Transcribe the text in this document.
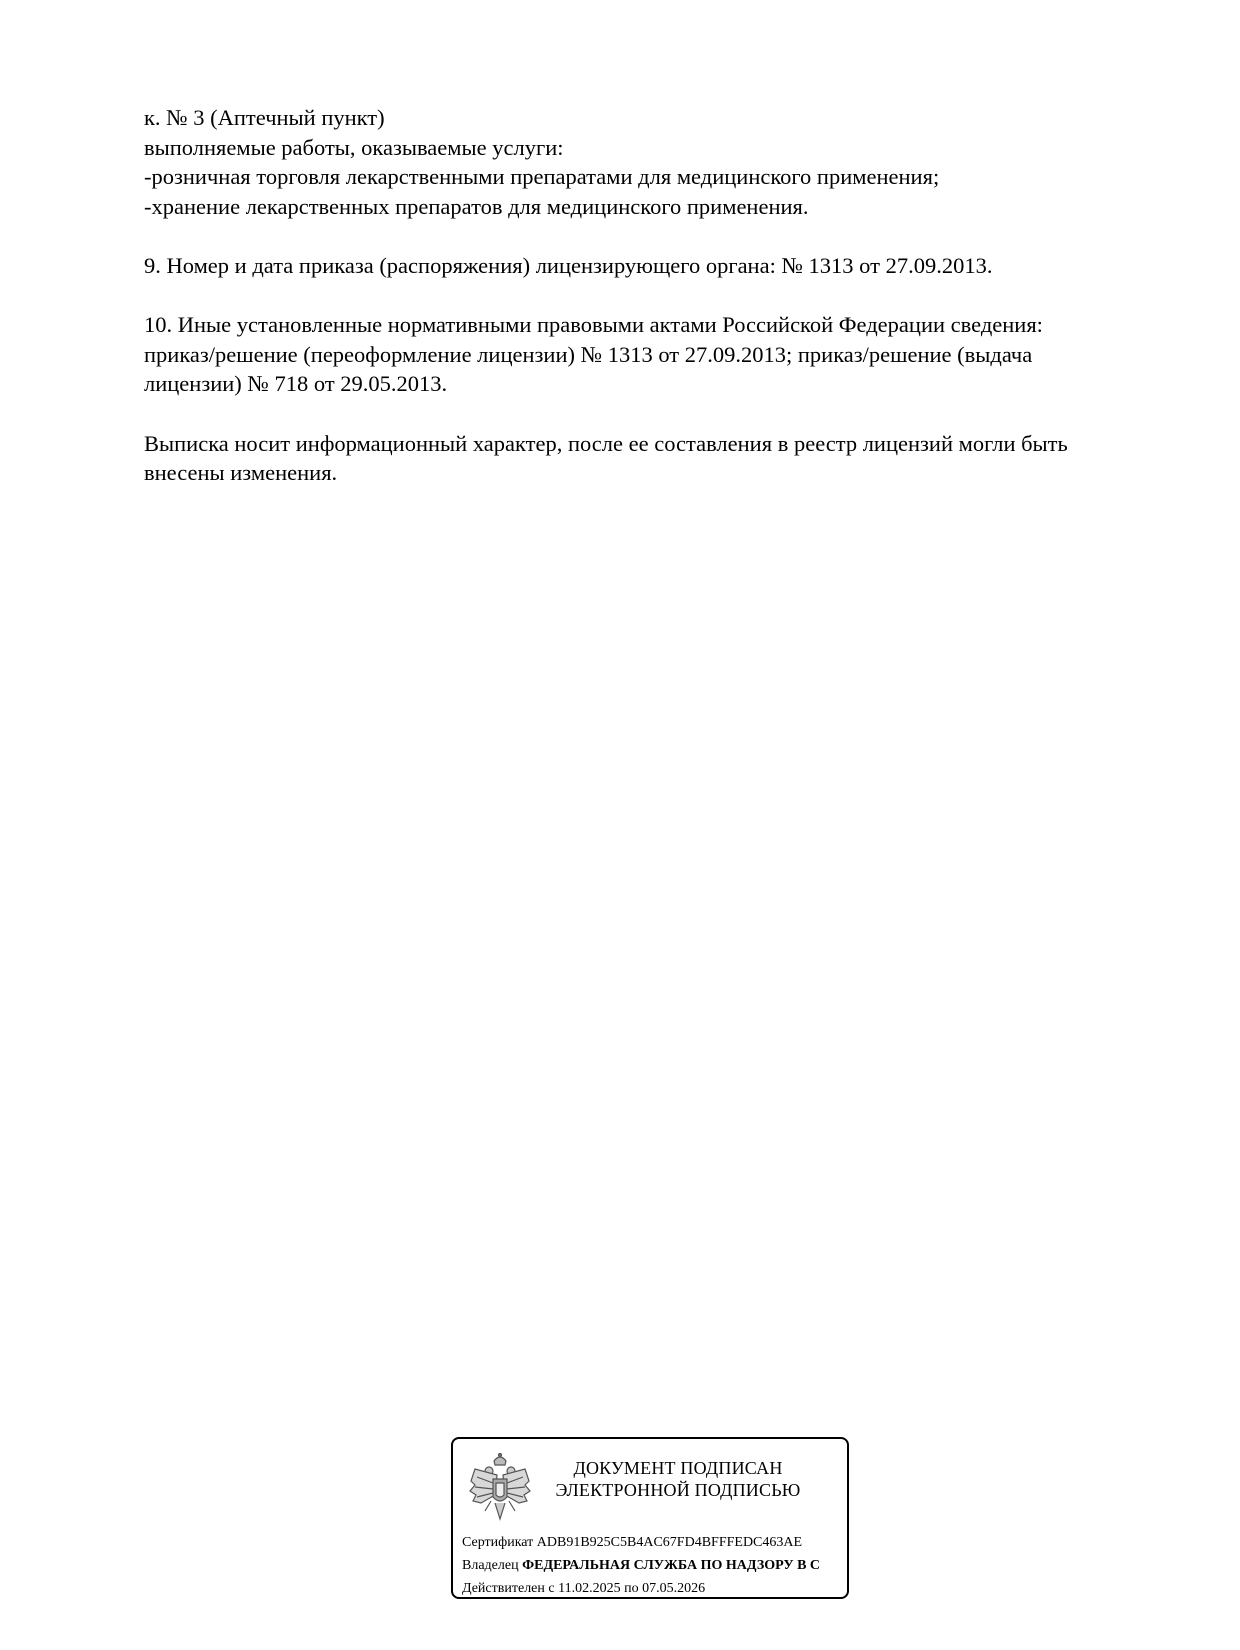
к. № 3 (Аптечный пункт)

выполняемые работы, оказываемые услуги:

-розничная торговля лекарственными препаратами для медицинского применения;

-хранение лекарственных препаратов для медицинского применения.

9. Номер и дата приказа (распоряжения) лицензирующего органа: № 1313 от 27.09.2013.

10. Иные установленные нормативными правовыми актами Российской Федерации сведения:

приказ/решение (переоформление лицензии) № 1313 от 27.09.2013; приказ/решение (выдача

лицензии) № 718 от 29.05.2013.

Выписка носит информационный характер, после ее составления в реестр лицензий могли быть

внесены изменения.

ДОКУМЕНТ ПОДПИСАН
ЭЛЕКТРОННОЙ ПОДПИСЬЮ
Сертификат ADB91B925C5B4AC67FD4BFFFEDC463AE
Владелец ФЕДЕРАЛЬНАЯ СЛУЖБА ПО НАДЗОРУ В С
Действителен с 11.02.2025 по 07.05.2026
